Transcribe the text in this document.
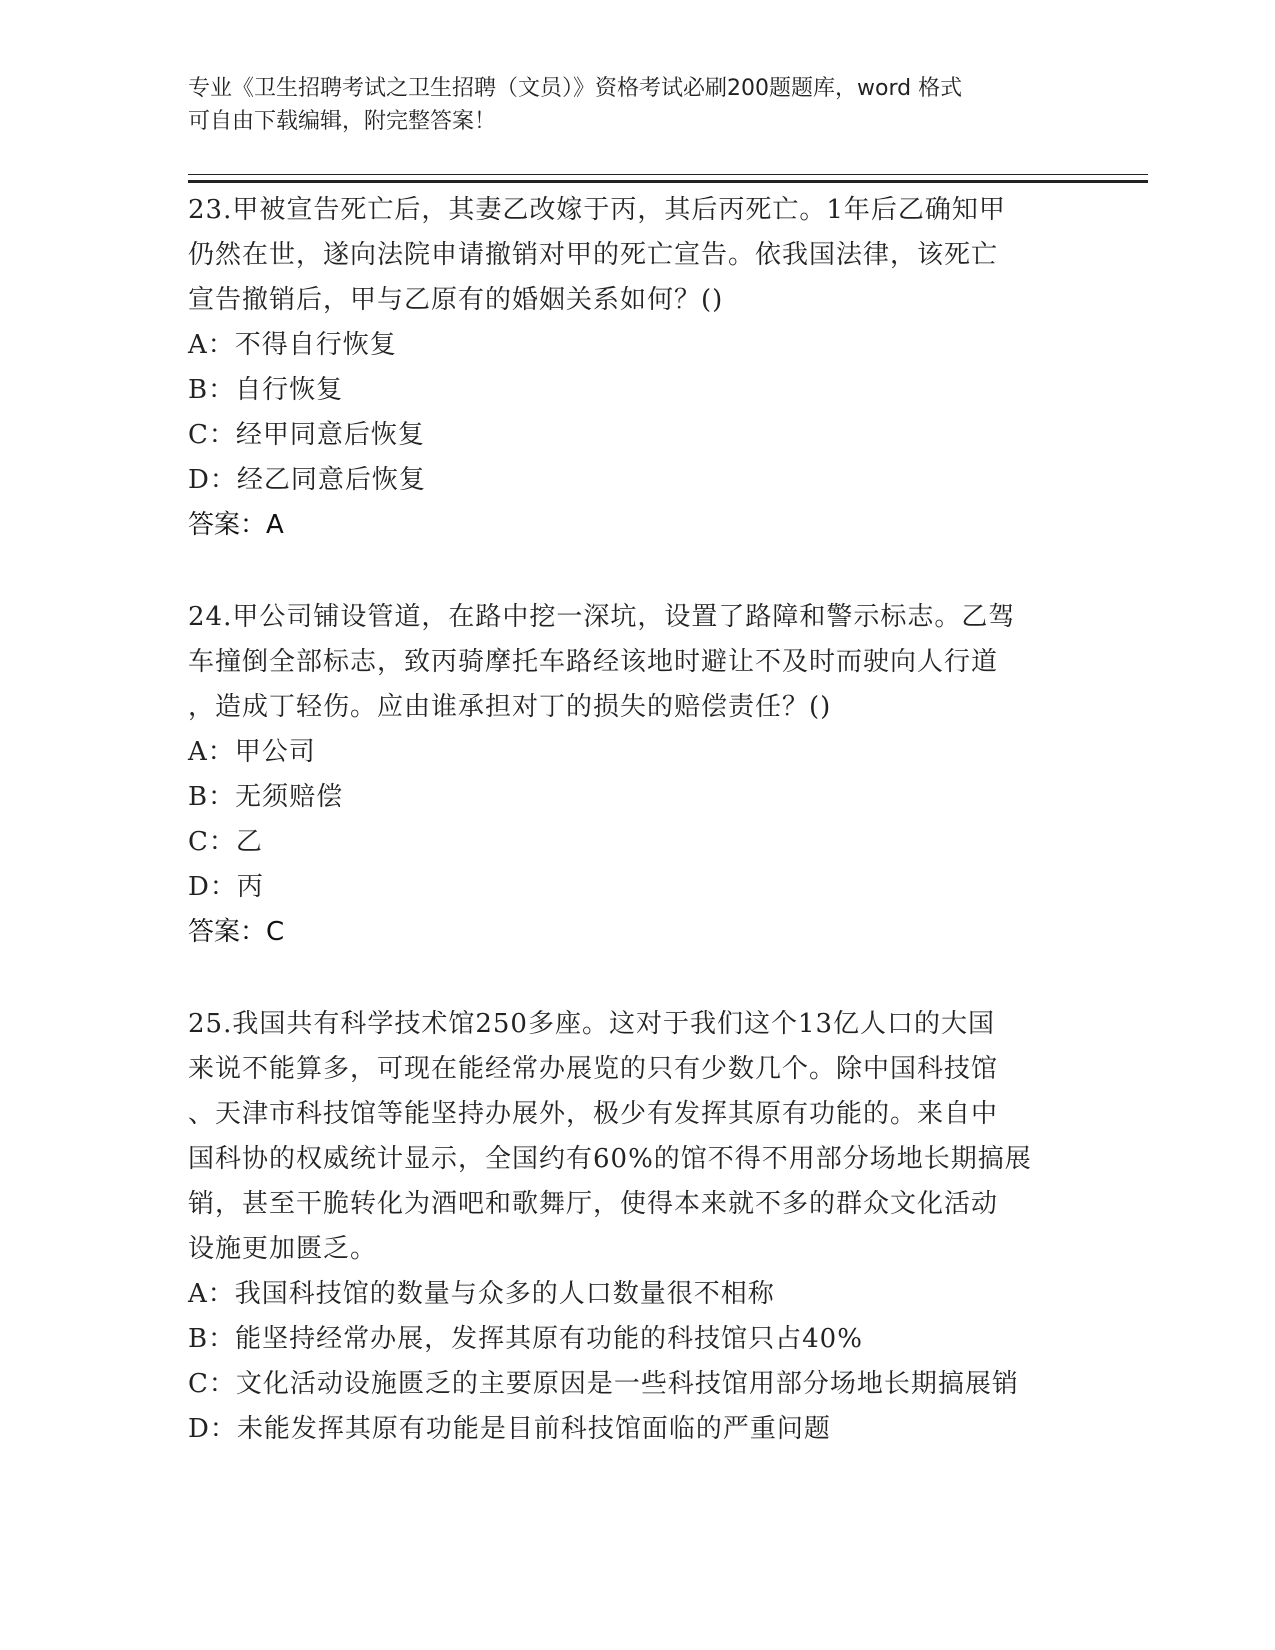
专业《卫生招聘考试之卫生招聘（文员）》资格考试必刷200题题库，word 格式
可自由下载编辑，附完整答案！
23.甲被宣告死亡后，其妻乙改嫁于丙，其后丙死亡。1年后乙确知甲
仍然在世，遂向法院申请撤销对甲的死亡宣告。依我国法律，该死亡
宣告撤销后，甲与乙原有的婚姻关系如何？()
A：不得自行恢复
B：自行恢复
C：经甲同意后恢复
D：经乙同意后恢复
答案：A
24.甲公司铺设管道，在路中挖一深坑，设置了路障和警示标志。乙驾
车撞倒全部标志，致丙骑摩托车路经该地时避让不及时而驶向人行道
，造成丁轻伤。应由谁承担对丁的损失的赔偿责任？()
A：甲公司
B：无须赔偿
C：乙
D：丙
答案：C
25.我国共有科学技术馆250多座。这对于我们这个13亿人口的大国
来说不能算多，可现在能经常办展览的只有少数几个。除中国科技馆
、天津市科技馆等能坚持办展外，极少有发挥其原有功能的。来自中
国科协的权威统计显示，全国约有60%的馆不得不用部分场地长期搞展
销，甚至干脆转化为酒吧和歌舞厅，使得本来就不多的群众文化活动
设施更加匮乏。
A：我国科技馆的数量与众多的人口数量很不相称
B：能坚持经常办展，发挥其原有功能的科技馆只占40%
C：文化活动设施匮乏的主要原因是一些科技馆用部分场地长期搞展销
D：未能发挥其原有功能是目前科技馆面临的严重问题
